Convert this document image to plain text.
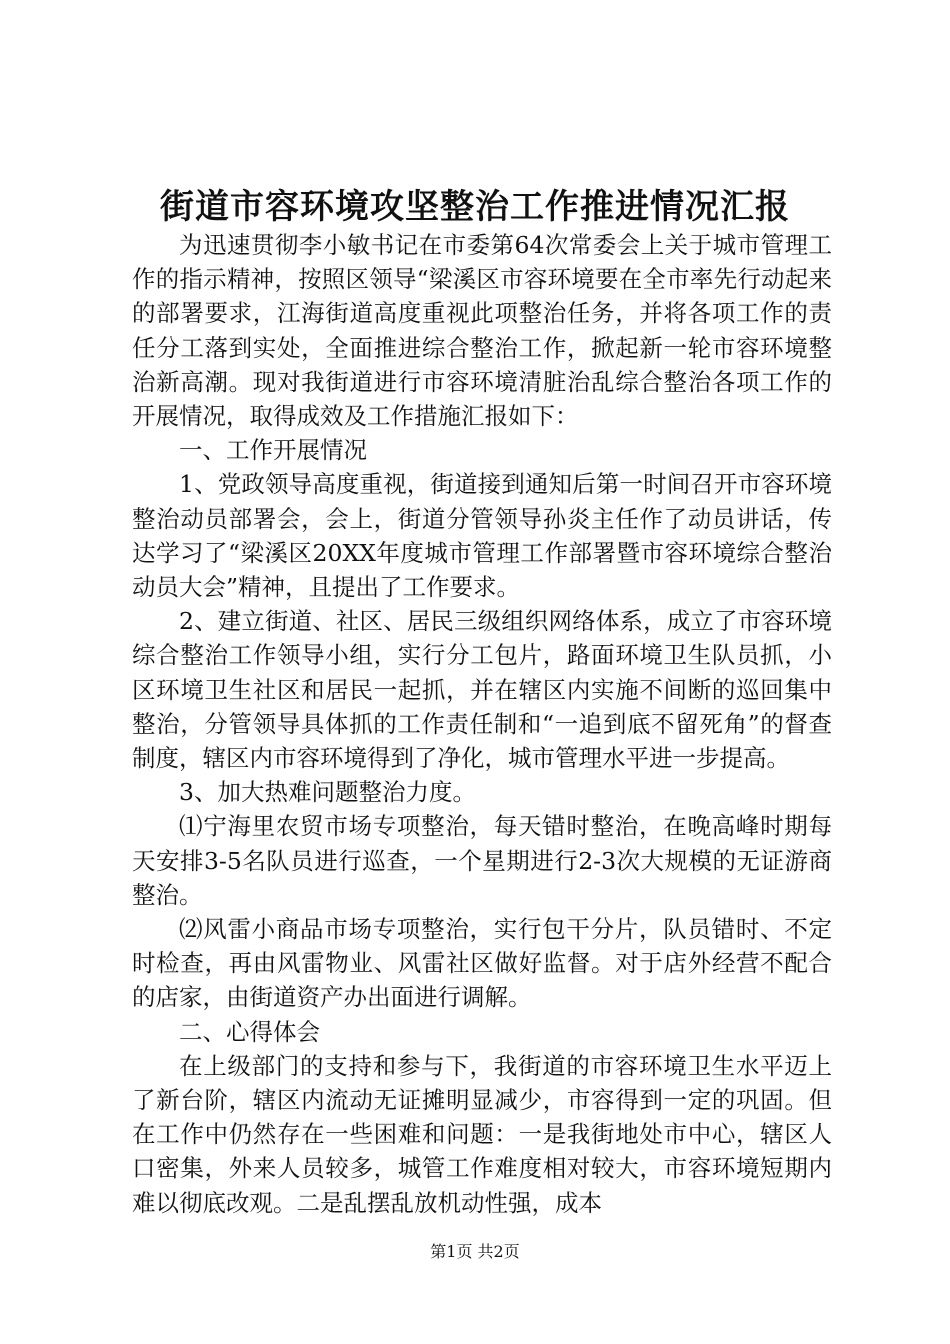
街道市容环境攻坚整治工作推进情况汇报

为迅速贯彻李小敏书记在市委第64次常委会上关于城市管理工作的指示精神，按照区领导“梁溪区市容环境要在全市率先行动起来的部署要求，江海街道高度重视此项整治任务，并将各项工作的责任分工落到实处，全面推进综合整治工作，掀起新一轮市容环境整治新高潮。现对我街道进行市容环境清脏治乱综合整治各项工作的开展情况，取得成效及工作措施汇报如下：

一、工作开展情况

1、党政领导高度重视，街道接到通知后第一时间召开市容环境整治动员部署会，会上，街道分管领导孙炎主任作了动员讲话，传达学习了“梁溪区20XX年度城市管理工作部署暨市容环境综合整治动员大会”精神，且提出了工作要求。

2、建立街道、社区、居民三级组织网络体系，成立了市容环境综合整治工作领导小组，实行分工包片，路面环境卫生队员抓，小区环境卫生社区和居民一起抓，并在辖区内实施不间断的巡回集中整治，分管领导具体抓的工作责任制和“一追到底不留死角”的督查制度，辖区内市容环境得到了净化，城市管理水平进一步提高。

3、加大热难问题整治力度。

⑴宁海里农贸市场专项整治，每天错时整治，在晚高峰时期每天安排3-5名队员进行巡查，一个星期进行2-3次大规模的无证游商整治。

⑵风雷小商品市场专项整治，实行包干分片，队员错时、不定时检查，再由风雷物业、风雷社区做好监督。对于店外经营不配合的店家，由街道资产办出面进行调解。

二、心得体会

在上级部门的支持和参与下，我街道的市容环境卫生水平迈上了新台阶，辖区内流动无证摊明显减少，市容得到一定的巩固。但在工作中仍然存在一些困难和问题：一是我街地处市中心，辖区人口密集，外来人员较多，城管工作难度相对较大，市容环境短期内难以彻底改观。二是乱摆乱放机动性强，成本

第1页 共2页
